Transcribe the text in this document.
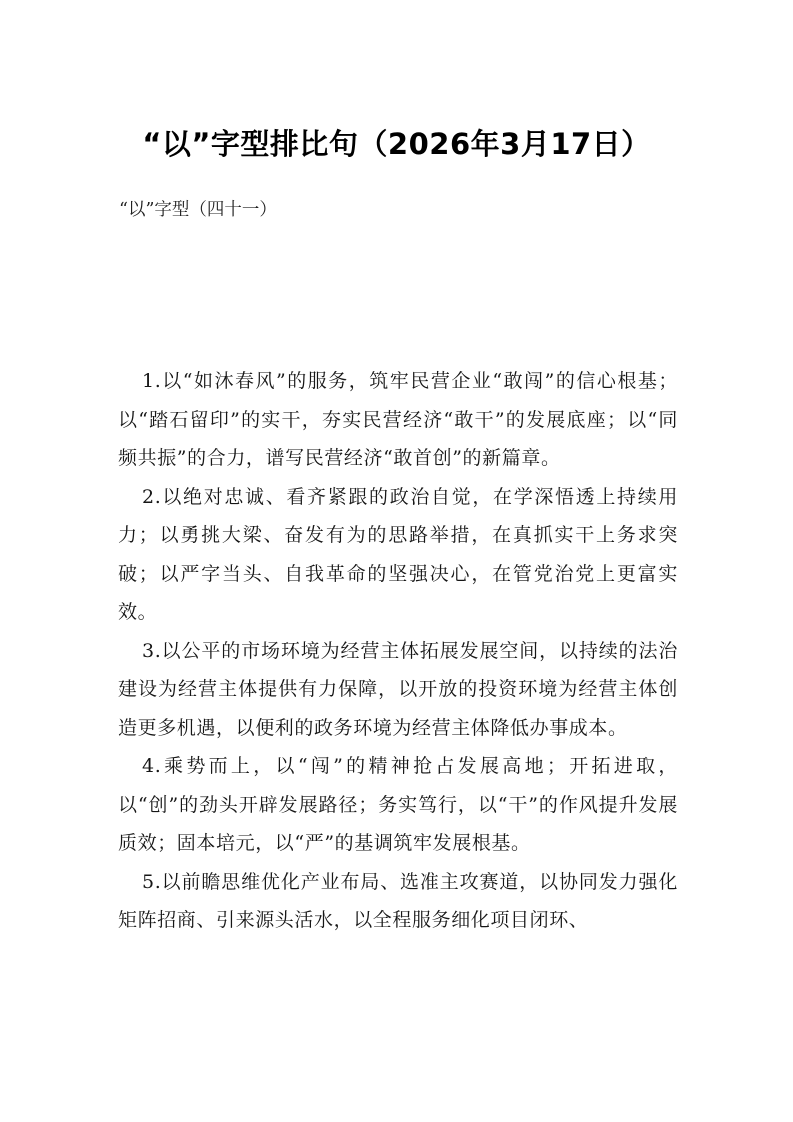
“以”字型排比句（2026年3月17日）

“以”字型（四十一）

1.以“如沐春风”的服务，筑牢民营企业“敢闯”的信心根基；以“踏石留印”的实干，夯实民营经济“敢干”的发展底座；以“同频共振”的合力，谱写民营经济“敢首创”的新篇章。

2.以绝对忠诚、看齐紧跟的政治自觉，在学深悟透上持续用力；以勇挑大梁、奋发有为的思路举措，在真抓实干上务求突破；以严字当头、自我革命的坚强决心，在管党治党上更富实效。

3.以公平的市场环境为经营主体拓展发展空间，以持续的法治建设为经营主体提供有力保障，以开放的投资环境为经营主体创造更多机遇，以便利的政务环境为经营主体降低办事成本。

4.乘势而上，以“闯”的精神抢占发展高地；开拓进取，以“创”的劲头开辟发展路径；务实笃行，以“干”的作风提升发展质效；固本培元，以“严”的基调筑牢发展根基。

5.以前瞻思维优化产业布局、选准主攻赛道，以协同发力强化矩阵招商、引来源头活水，以全程服务细化项目闭环、
